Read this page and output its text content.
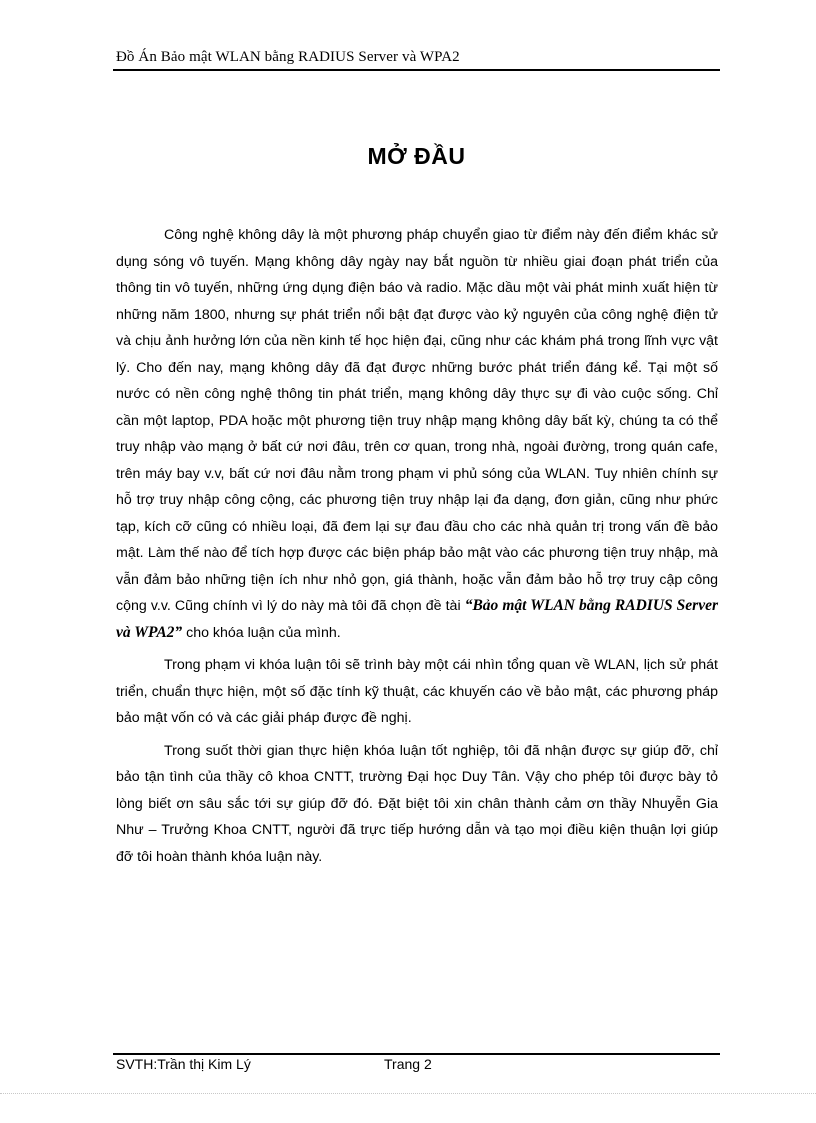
Đồ Án Bảo mật WLAN bằng RADIUS Server và WPA2
MỞ ĐẦU

Công nghệ không dây là một phương pháp chuyển giao từ điểm này đến điểm khác sử dụng sóng vô tuyến. Mạng không dây ngày nay bắt nguồn từ nhiều giai đoạn phát triển của thông tin vô tuyến, những ứng dụng điện báo và radio. Mặc dầu một vài phát minh xuất hiện từ những năm 1800, nhưng sự phát triển nổi bật đạt được vào kỷ nguyên của công nghệ điện tử và chịu ảnh hưởng lớn của nền kinh tế học hiện đại, cũng như các khám phá trong lĩnh vực vật lý. Cho đến nay, mạng không dây đã đạt được những bước phát triển đáng kể. Tại một số nước có nền công nghệ thông tin phát triển, mạng không dây thực sự đi vào cuộc sống. Chỉ cần một laptop, PDA hoặc một phương tiện truy nhập mạng không dây bất kỳ, chúng ta có thể truy nhập vào mạng ở bất cứ nơi đâu, trên cơ quan, trong nhà, ngoài đường, trong quán cafe, trên máy bay v.v, bất cứ nơi đâu nằm trong phạm vi phủ sóng của WLAN. Tuy nhiên chính sự hỗ trợ truy nhập công cộng, các phương tiện truy nhập lại đa dạng, đơn giản, cũng như phức tạp, kích cỡ cũng có nhiều loại, đã đem lại sự đau đầu cho các nhà quản trị trong vấn đề bảo mật. Làm thế nào để tích hợp được các biện pháp bảo mật vào các phương tiện truy nhập, mà vẫn đảm bảo những tiện ích như nhỏ gọn, giá thành, hoặc vẫn đảm bảo hỗ trợ truy cập công cộng v.v. Cũng chính vì lý do này mà tôi đã chọn đề tài “Bảo mật WLAN bằng RADIUS Server và WPA2” cho khóa luận của mình.

Trong phạm vi khóa luận tôi sẽ trình bày một cái nhìn tổng quan về WLAN, lịch sử phát triển, chuẩn thực hiện, một số đặc tính kỹ thuật, các khuyến cáo về bảo mật, các phương pháp bảo mật vốn có và các giải pháp được đề nghị.

Trong suốt thời gian thực hiện khóa luận tốt nghiệp, tôi đã nhận được sự giúp đỡ, chỉ bảo tận tình của thầy cô khoa CNTT, trường Đại học Duy Tân. Vậy cho phép tôi được bày tỏ lòng biết ơn sâu sắc tới sự giúp đỡ đó. Đặt biệt tôi xin chân thành cảm ơn thầy Nhuyễn Gia Như – Trưởng Khoa CNTT, người đã trực tiếp hướng dẫn và tạo mọi điều kiện thuận lợi giúp đỡ tôi hoàn thành khóa luận này.

SVTH:Trần thị Kim Lý	Trang 2
